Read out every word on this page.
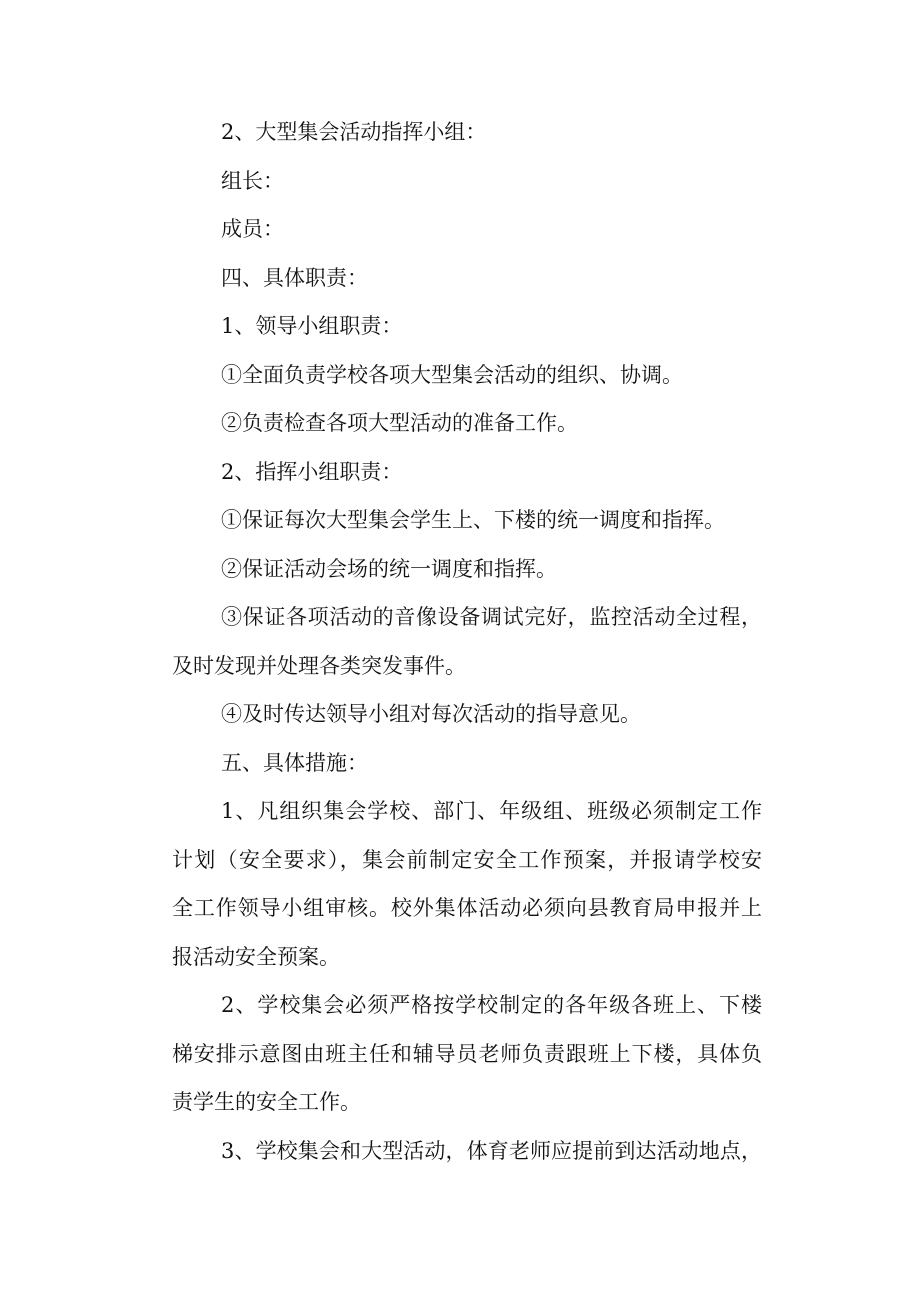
2、大型集会活动指挥小组：
组长：
成员：
四、具体职责：
1、领导小组职责：
①全面负责学校各项大型集会活动的组织、协调。
②负责检查各项大型活动的准备工作。
2、指挥小组职责：
①保证每次大型集会学生上、下楼的统一调度和指挥。
②保证活动会场的统一调度和指挥。
③保证各项活动的音像设备调试完好，监控活动全过程，
及时发现并处理各类突发事件。
④及时传达领导小组对每次活动的指导意见。
五、具体措施：
1、凡组织集会学校、部门、年级组、班级必须制定工作
计划（安全要求），集会前制定安全工作预案，并报请学校安
全工作领导小组审核。校外集体活动必须向县教育局申报并上
报活动安全预案。
2、学校集会必须严格按学校制定的各年级各班上、下楼
梯安排示意图由班主任和辅导员老师负责跟班上下楼，具体负
责学生的安全工作。
3、学校集会和大型活动，体育老师应提前到达活动地点，
